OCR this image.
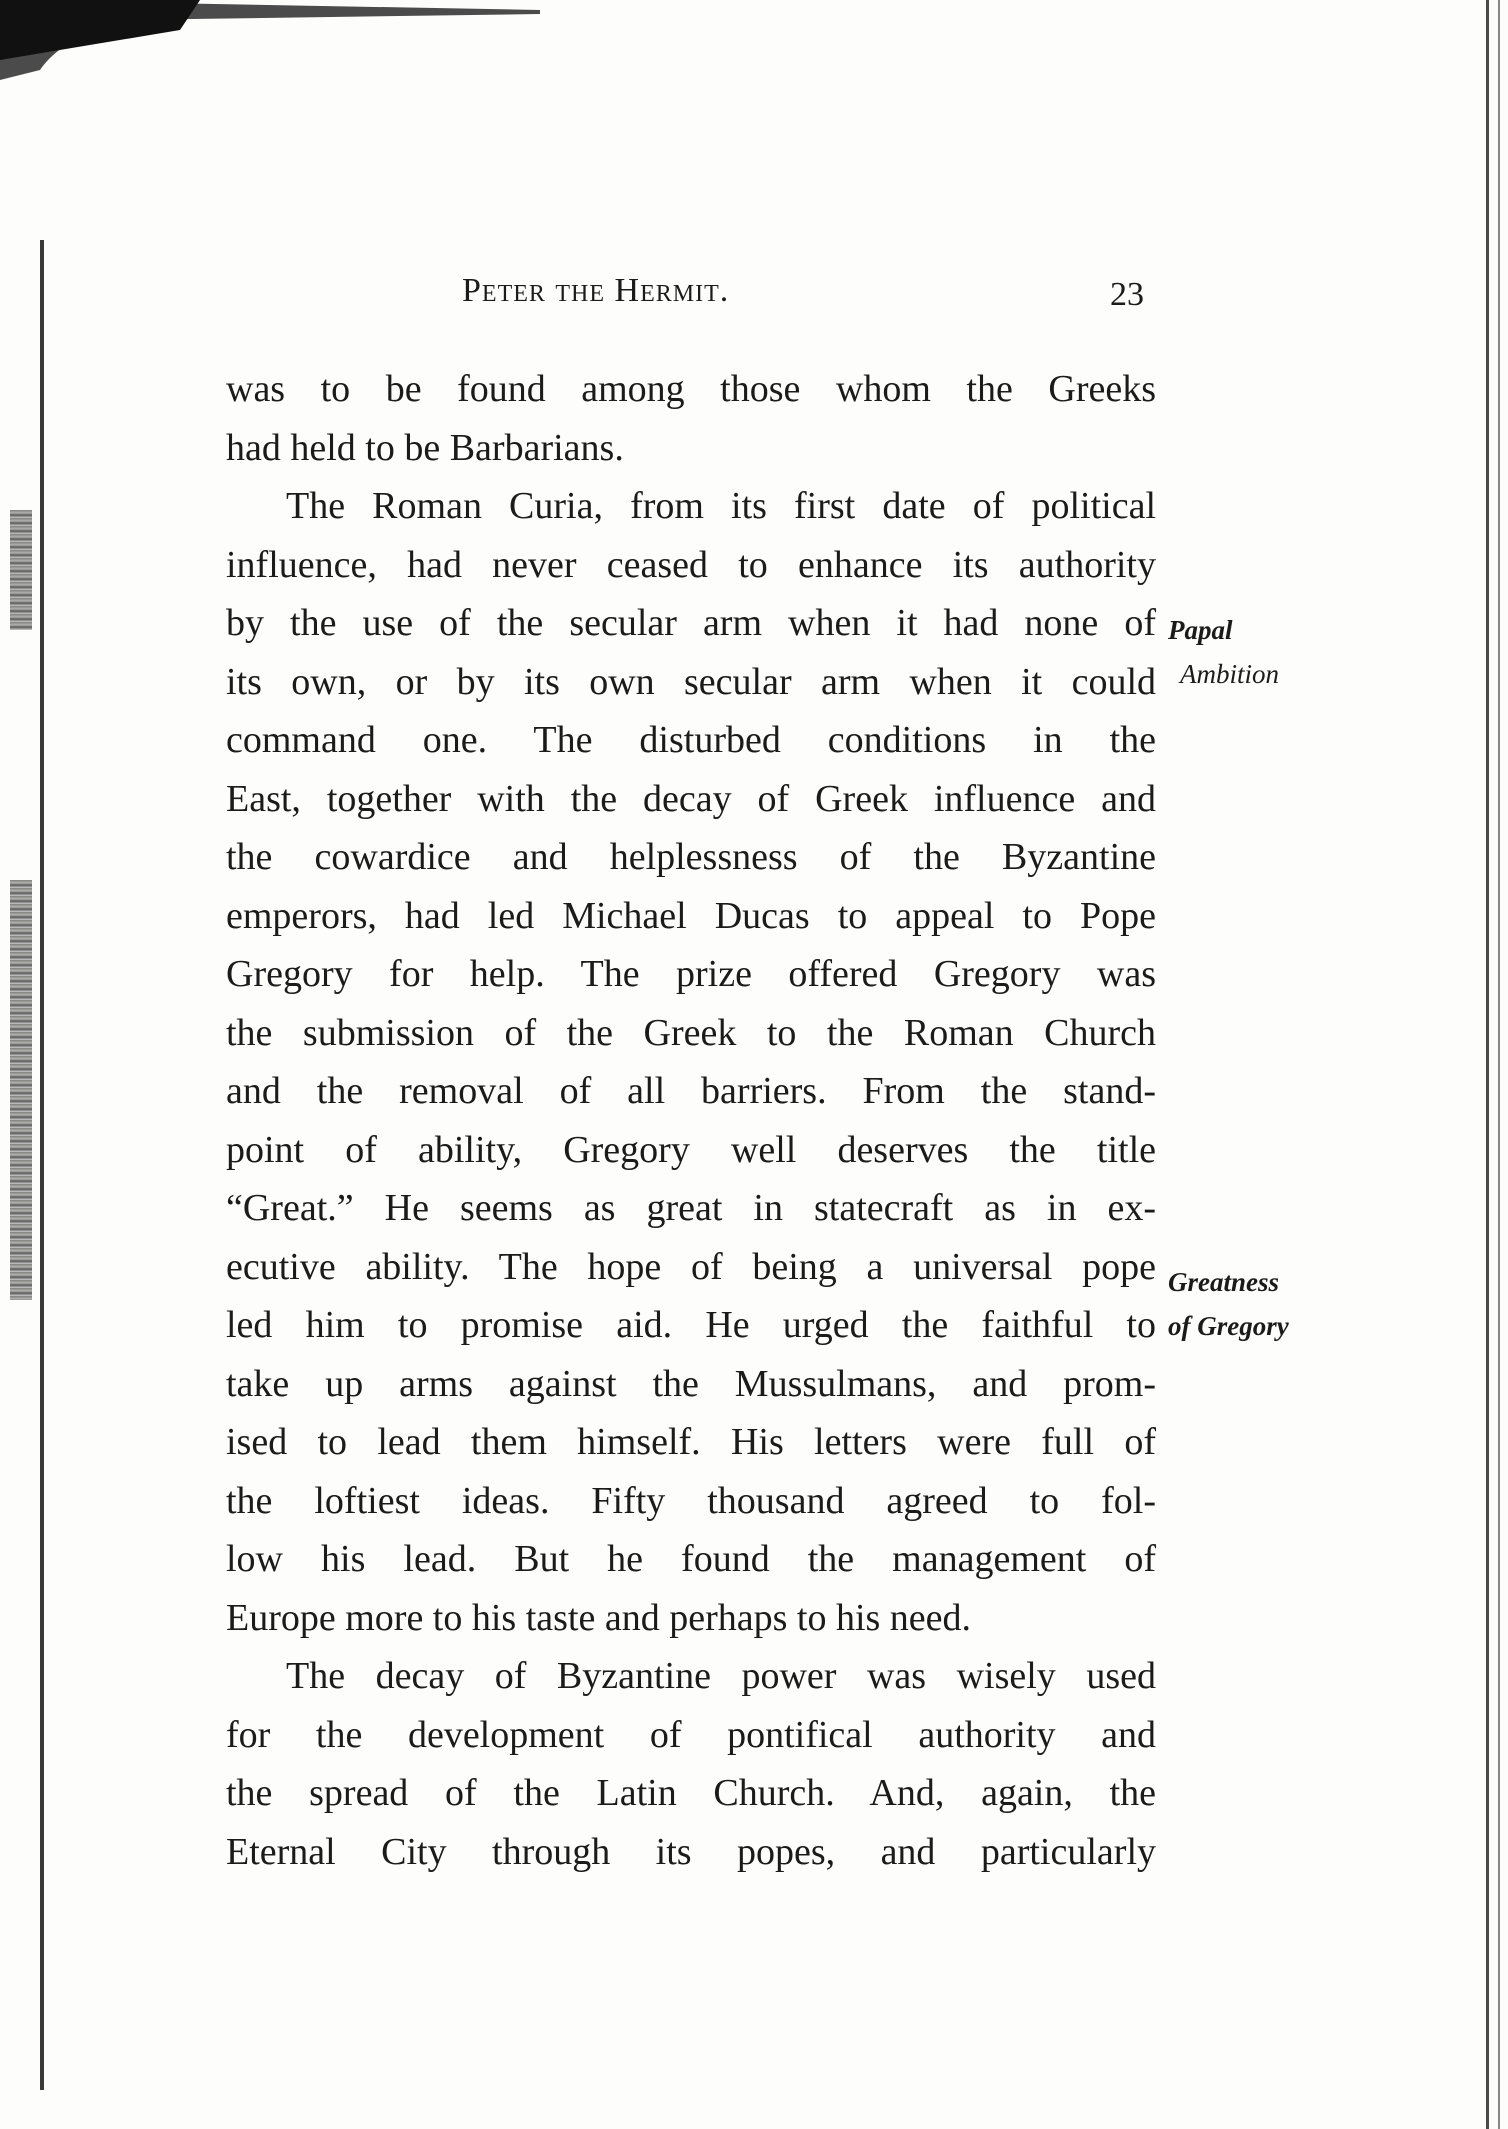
Peter the Hermit.	23
was to be found among those whom the Greeks
had held to be Barbarians.
The Roman Curia, from its first date of political
influence, had never ceased to enhance its authority
by the use of the secular arm when it had none of
its own, or by its own secular arm when it could
command one. The disturbed conditions in the
East, together with the decay of Greek influence and
the cowardice and helplessness of the Byzantine
emperors, had led Michael Ducas to appeal to Pope
Gregory for help. The prize offered Gregory was
the submission of the Greek to the Roman Church
and the removal of all barriers. From the stand-
point of ability, Gregory well deserves the title
“Great.” He seems as great in statecraft as in ex-
ecutive ability. The hope of being a universal pope
led him to promise aid. He urged the faithful to
take up arms against the Mussulmans, and prom-
ised to lead them himself. His letters were full of
the loftiest ideas. Fifty thousand agreed to fol-
low his lead. But he found the management of
Europe more to his taste and perhaps to his need.
The decay of Byzantine power was wisely used
for the development of pontifical authority and
the spread of the Latin Church. And, again, the
Eternal City through its popes, and particularly
Papal
Ambition
Greatness
of Gregory
